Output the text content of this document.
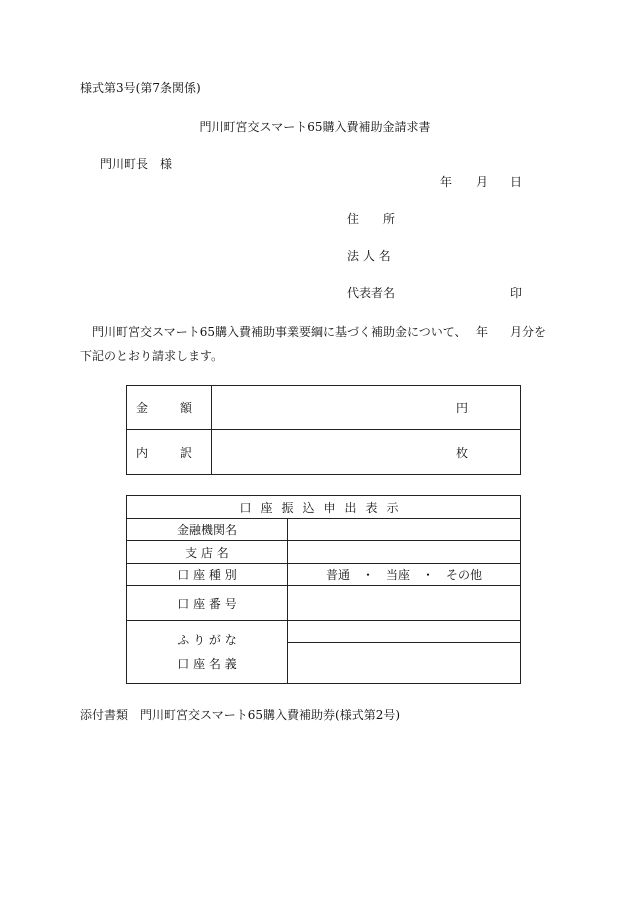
様式第3号(第7条関係)
門川町宮交スマート65購入費補助金請求書
門川町長　様
年 月 日
住　　所
法 人 名
代表者名	印
門川町宮交スマート65購入費補助事業要綱に基づく補助金について、 年 月分を
下記のとおり請求します。
金　額	円
内　訳	枚
口座振込申出表示	
金融機関名	
支 店 名	
口 座 種 別	普通　・　当座　・　その他
口 座 番 号	

ふ り が な
口 座 名 義	

添付書類　門川町宮交スマート65購入費補助券(様式第2号)
